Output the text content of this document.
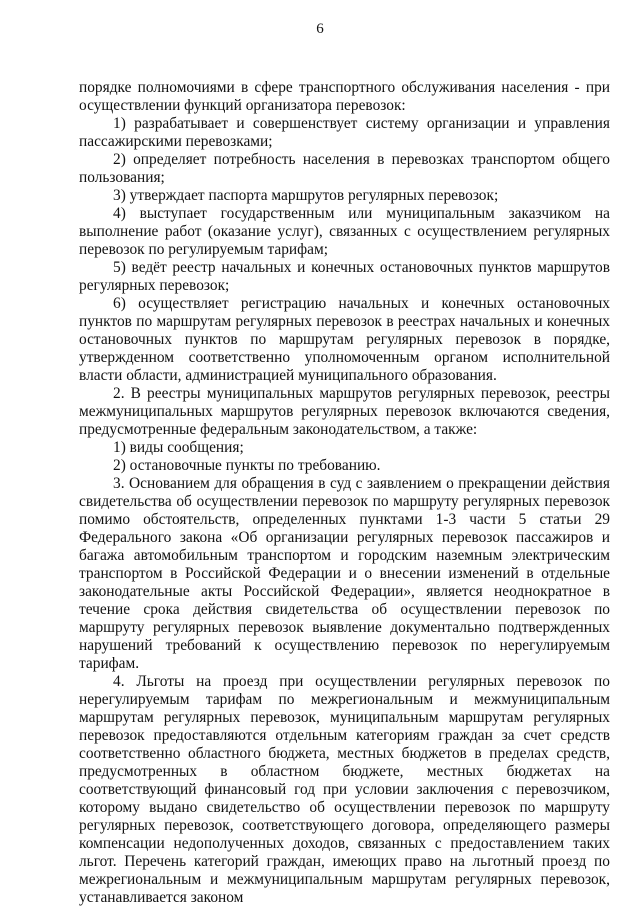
6

порядке полномочиями в сфере транспортного обслуживания населения - при осуществлении функций организатора перевозок:

1) разрабатывает и совершенствует систему организации и управления пассажирскими перевозками;

2) определяет потребность населения в перевозках транспортом общего пользования;

3) утверждает паспорта маршрутов регулярных перевозок;

4) выступает государственным или муниципальным заказчиком на выполнение работ (оказание услуг), связанных с осуществлением регулярных перевозок по регулируемым тарифам;

5) ведёт реестр начальных и конечных остановочных пунктов маршрутов регулярных перевозок;

6) осуществляет регистрацию начальных и конечных остановочных пунктов по маршрутам регулярных перевозок в реестрах начальных и конечных остановочных пунктов по маршрутам регулярных перевозок в порядке, утвержденном соответственно уполномоченным органом исполнительной власти области, администрацией муниципального образования.

2. В реестры муниципальных маршрутов регулярных перевозок, реестры межмуниципальных маршрутов регулярных перевозок включаются сведения, предусмотренные федеральным законодательством, а также:

1) виды сообщения;

2) остановочные пункты по требованию.

3. Основанием для обращения в суд с заявлением о прекращении действия свидетельства об осуществлении перевозок по маршруту регулярных перевозок помимо обстоятельств, определенных пунктами 1-3 части 5 статьи 29 Федерального закона «Об организации регулярных перевозок пассажиров и багажа автомобильным транспортом и городским наземным электрическим транспортом в Российской Федерации и о внесении изменений в отдельные законодательные акты Российской Федерации», является неоднократное в течение срока действия свидетельства об осуществлении перевозок по маршруту регулярных перевозок выявление документально подтвержденных нарушений требований к осуществлению перевозок по нерегулируемым тарифам.

4. Льготы на проезд при осуществлении регулярных перевозок по нерегулируемым тарифам по межрегиональным и межмуниципальным маршрутам регулярных перевозок, муниципальным маршрутам регулярных перевозок предоставляются отдельным категориям граждан за счет средств соответственно областного бюджета, местных бюджетов в пределах средств, предусмотренных в областном бюджете, местных бюджетах на соответствующий финансовый год при условии заключения с перевозчиком, которому выдано свидетельство об осуществлении перевозок по маршруту регулярных перевозок, соответствующего договора, определяющего размеры компенсации недополученных доходов, связанных с предоставлением таких льгот. Перечень категорий граждан, имеющих право на льготный проезд по межрегиональным и межмуниципальным маршрутам регулярных перевозок, устанавливается законом
